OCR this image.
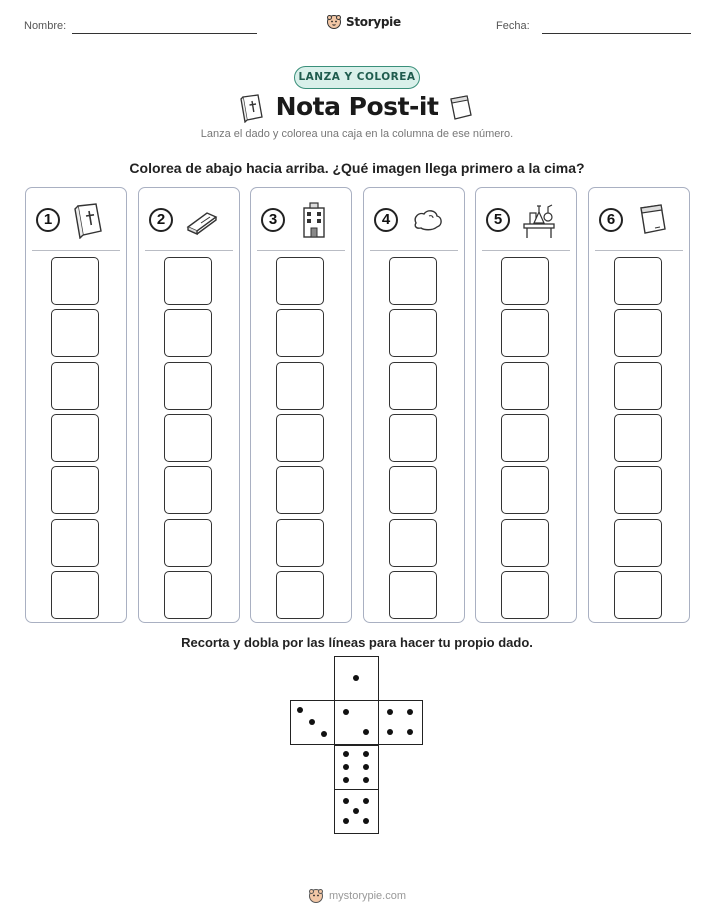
Nombre:	Storypie	Fecha:
LANZA Y COLOREA
Nota Post-it
Lanza el dado y colorea una caja en la columna de ese número.
Colorea de abajo hacia arriba. ¿Qué imagen llega primero a la cima?
1	2	3	4	5	6
Recorta y dobla por las líneas para hacer tu propio dado.
mystorypie.com
